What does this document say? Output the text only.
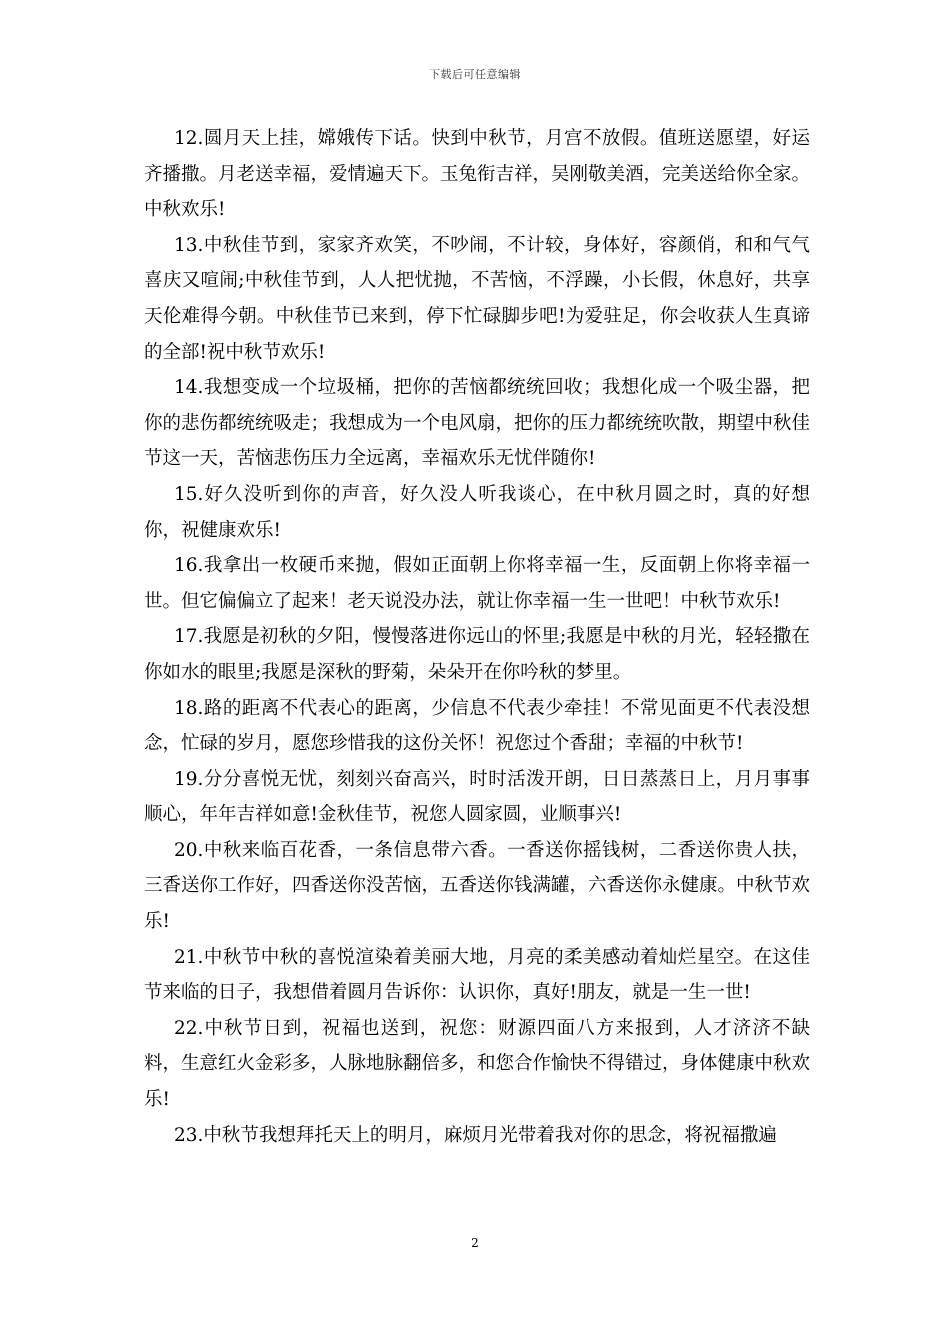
下载后可任意编辑

12.圆月天上挂，嫦娥传下话。快到中秋节，月宫不放假。值班送愿望，好运齐播撒。月老送幸福，爱情遍天下。玉兔衔吉祥，吴刚敬美酒，完美送给你全家。中秋欢乐!

13.中秋佳节到，家家齐欢笑，不吵闹，不计较，身体好，容颜俏，和和气气喜庆又喧闹;中秋佳节到，人人把忧抛，不苦恼，不浮躁，小长假，休息好，共享天伦难得今朝。中秋佳节已来到，停下忙碌脚步吧!为爱驻足，你会收获人生真谛的全部!祝中秋节欢乐!

14.我想变成一个垃圾桶，把你的苦恼都统统回收；我想化成一个吸尘器，把你的悲伤都统统吸走；我想成为一个电风扇，把你的压力都统统吹散，期望中秋佳节这一天，苦恼悲伤压力全远离，幸福欢乐无忧伴随你!

15.好久没听到你的声音，好久没人听我谈心，在中秋月圆之时，真的好想你，祝健康欢乐!

16.我拿出一枚硬币来抛，假如正面朝上你将幸福一生，反面朝上你将幸福一世。但它偏偏立了起来！老天说没办法，就让你幸福一生一世吧！中秋节欢乐!

17.我愿是初秋的夕阳，慢慢落进你远山的怀里;我愿是中秋的月光，轻轻撒在你如水的眼里;我愿是深秋的野菊，朵朵开在你吟秋的梦里。

18.路的距离不代表心的距离，少信息不代表少牵挂！不常见面更不代表没想念，忙碌的岁月，愿您珍惜我的这份关怀！祝您过个香甜；幸福的中秋节!

19.分分喜悦无忧，刻刻兴奋高兴，时时活泼开朗，日日蒸蒸日上，月月事事顺心，年年吉祥如意!金秋佳节，祝您人圆家圆，业顺事兴!

20.中秋来临百花香，一条信息带六香。一香送你摇钱树，二香送你贵人扶，三香送你工作好，四香送你没苦恼，五香送你钱满罐，六香送你永健康。中秋节欢乐!

21.中秋节中秋的喜悦渲染着美丽大地，月亮的柔美感动着灿烂星空。在这佳节来临的日子，我想借着圆月告诉你：认识你，真好!朋友，就是一生一世!

22.中秋节日到，祝福也送到，祝您：财源四面八方来报到，人才济济不缺料，生意红火金彩多，人脉地脉翻倍多，和您合作愉快不得错过，身体健康中秋欢乐!

23.中秋节我想拜托天上的明月，麻烦月光带着我对你的思念，将祝福撒遍

2
